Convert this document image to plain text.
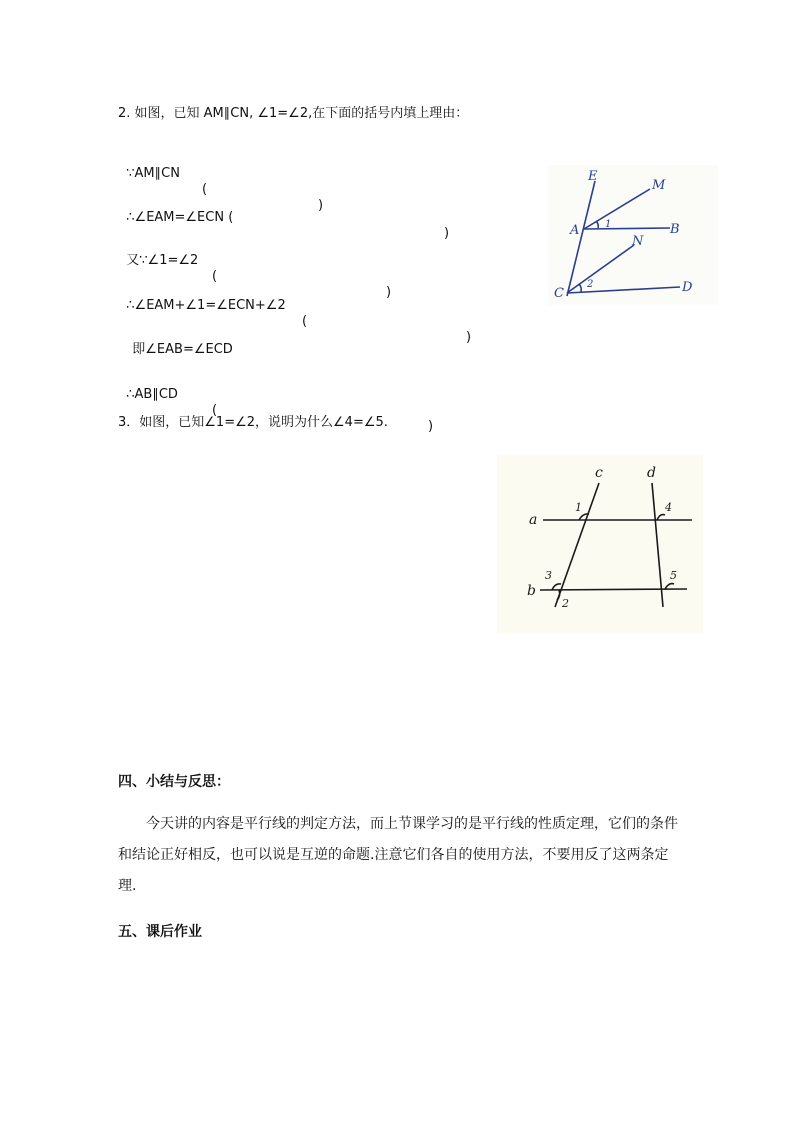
2. 如图，已知 AM∥CN, ∠1=∠2,在下面的括号内填上理由：

∵AM∥CN

(

)

∴∠EAM=∠ECN (

)

又∵∠1=∠2

(

)

∴∠EAM+∠1=∠ECN+∠2

(

)

即∠EAB=∠ECD

∴AB∥CD

(

)

E
M
A	1	B
N
C
2	D
3．如图，已知∠1=∠2，说明为什么∠4=∠5.
c	d
1	4
a
3	5
b
2
四、小结与反思：
今天讲的内容是平行线的判定方法，而上节课学习的是平行线的性质定理，它们的条件和结论正好相反，也可以说是互逆的命题.注意它们各自的使用方法，不要用反了这两条定理.
五、课后作业
